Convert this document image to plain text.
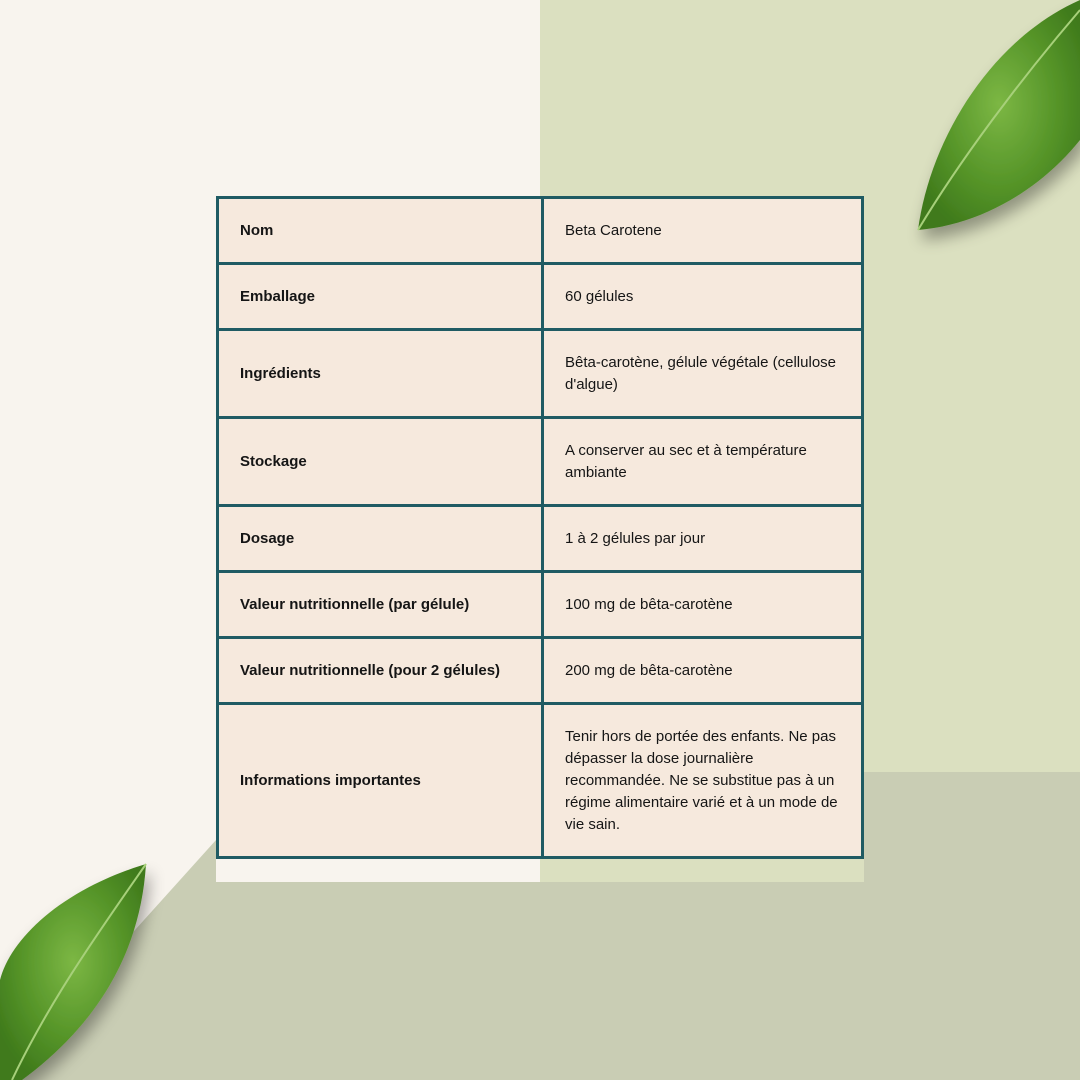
Nom	Beta Carotene
Emballage	60 gélules
Ingrédients	Bêta-carotène, gélule végétale (cellulose d'algue)
Stockage	A conserver au sec et à température ambiante
Dosage	1 à 2 gélules par jour
Valeur nutritionnelle (par gélule)	100 mg de bêta-carotène
Valeur nutritionnelle (pour 2 gélules)	200 mg de bêta-carotène
Informations importantes	Tenir hors de portée des enfants. Ne pas dépasser la dose journalière recommandée. Ne se substitue pas à un régime alimentaire varié et à un mode de vie sain.
